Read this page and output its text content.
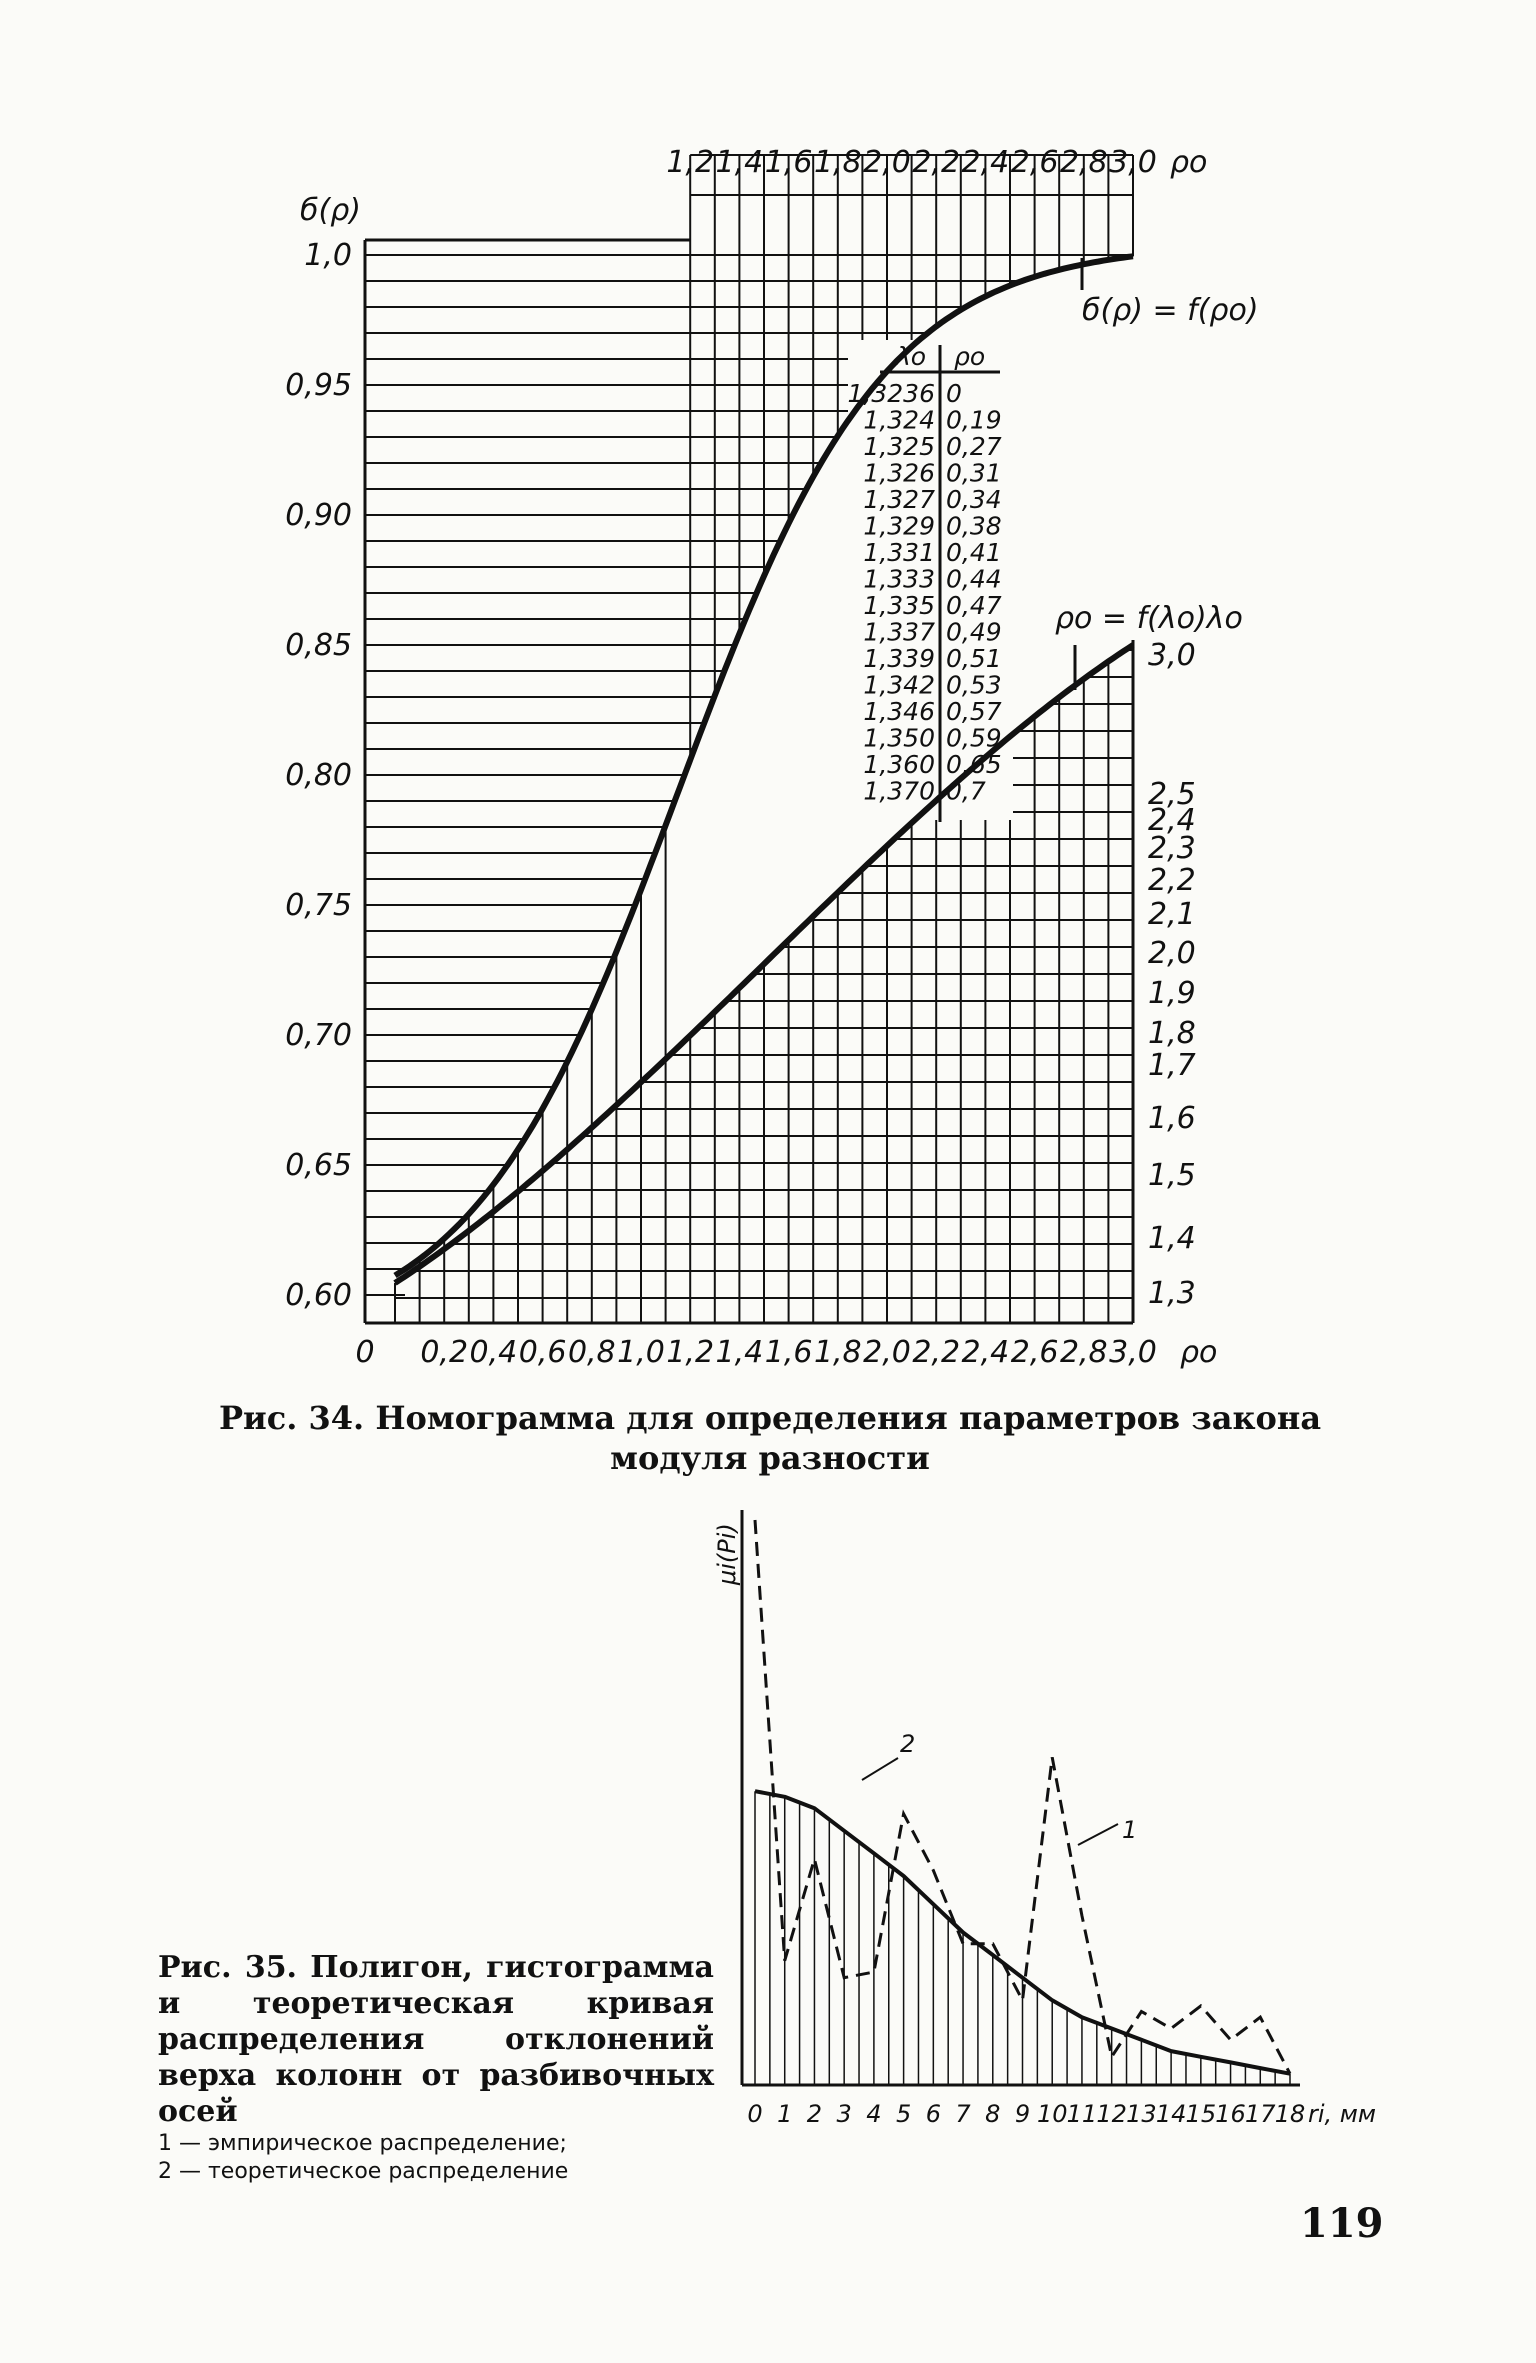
λo ρo
1,3236 0
1,324 0,19
1,325 0,27
1,326 0,31
1,327 0,34
1,329 0,38
1,331 0,41
1,333 0,44
1,335 0,47
1,337 0,49
1,339 0,51
1,342 0,53
1,346 0,57
1,350 0,59
1,360 0,65
1,370 0,7
1,0
0,95
0,90
0,85
0,80
0,75
0,70
0,65
0,60
б(ρ)
1,2 1,4 1,6 1,8 2,0 2,2 2,4 2,6 2,8 3,0 ρo
0 0,2 0,4 0,6 0,8 1,0 1,2 1,4 1,6 1,8 2,0 2,2 2,4 2,6 2,8 3,0 ρo
3,0
2,5
2,4
2,3
2,2
2,1
2,0
1,9
1,8
1,7
1,6
1,5
1,4
1,3
б(ρ) = f(ρo)
ρo = f(λo)λo
Рис. 34. Номограмма для определения параметров закона модуля разности
μi(Pi)
0 1 2 3 4 5 6 7 8 9 10 11 12 13 14 15 16 17 18 ri, мм
2
1
Рис. 35. Полигон, гистограмма и теоретическая кривая распределения отклонений верха колонн от разбивочных осей
1 — эмпирическое распределение;
2 — теоретическое распределение
119
